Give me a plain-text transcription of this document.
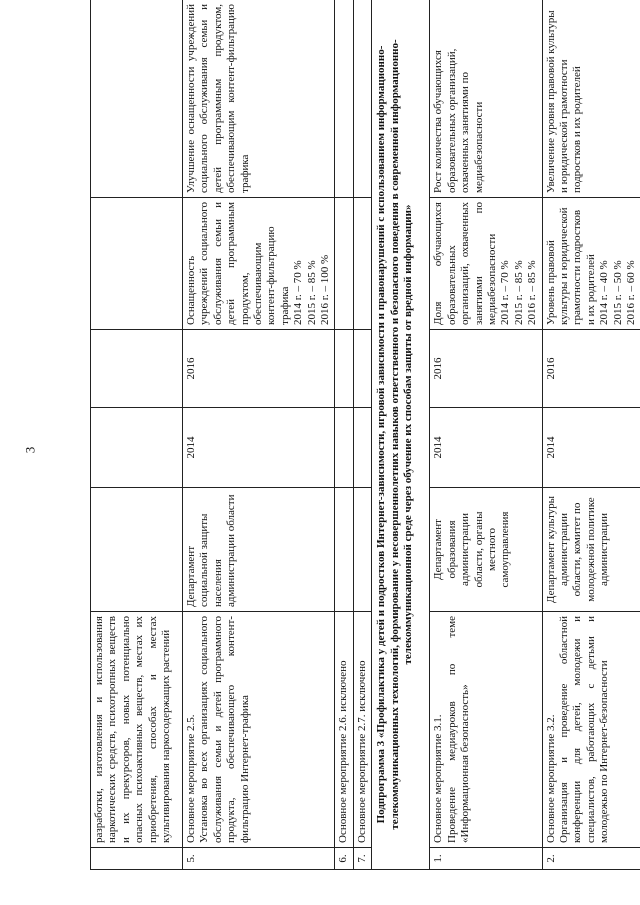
3
	разработки, изготовления и использования наркотических средств, психотропных веществ и их прекурсоров, новых потенциально опасных психоактивных веществ, местах их приобретения, способах и местах культивирования наркосодержащих растений					
5.	Основное мероприятие 2.5. Установка во всех организациях социального обслуживания семьи и детей программного продукта, обеспечивающего контент-фильтрацию Интернет-трафика	Департамент социальной защиты населения администрации области	2014	2016	Оснащенность учреждений социального обслуживания семьи и детей программным продуктом, обеспечивающим контент-фильтрацию трафика 2014 г. – 70 % 2015 г. – 85 % 2016 г. – 100 %	Улучшение оснащенности учреждений социального обслуживания семьи и детей программным продуктом, обеспечивающим контент-фильтрацию трафика
6.	Основное мероприятие 2.6. исключено					
7.	Основное мероприятие 2.7. исключено					
Подпрограмма 3 «Профилактика у детей и подростков Интернет-зависимости, игровой зависимости и правонарушений с использованием информационно-телекоммуникационных технологий, формирование у несовершеннолетних навыков ответственного и безопасного поведения в современной информационно-телекоммуникационной среде через обучение их способам защиты от вредной информации»						
1.	Основное мероприятие 3.1. Проведение медиауроков по теме «Информационная безопасность»	Департамент образования администрации области, органы местного самоуправления	2014	2016	Доля обучающихся образовательных организаций, охваченных занятиями по медиабезопасности 2014 г. – 70 % 2015 г. – 85 % 2016 г. – 85 %	Рост количества обучающихся образовательных организаций, охваченных занятиями по медиабезопасности
2.	Основное мероприятие 3.2. Организация и проведение областной конференции для детей, молодежи и специалистов, работающих с детьми и молодежью по Интернет-безопасности	Департамент культуры администрации области, комитет по молодежной политике администрации	2014	2016	Уровень правовой культуры и юридической грамотности подростков и их родителей 2014 г. – 40 % 2015 г. – 50 % 2016 г. – 60 %	Увеличение уровня правовой культуры и юридической грамотности подростков и их родителей
